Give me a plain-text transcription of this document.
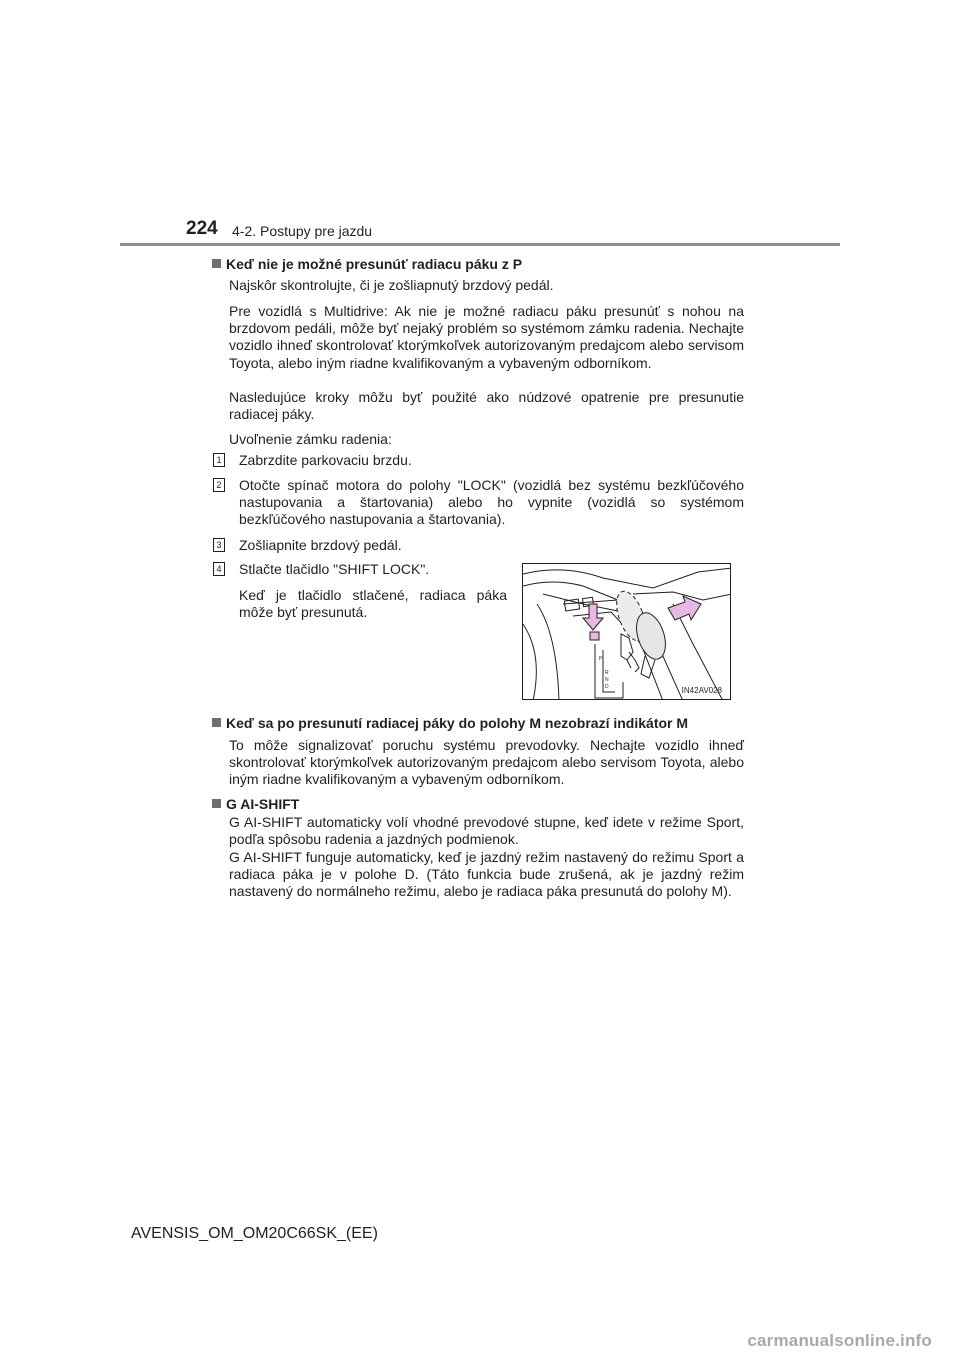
224 4-2. Postupy pre jazdu
Keď nie je možné presunúť radiacu páku z P
Najskôr skontrolujte, či je zošliapnutý brzdový pedál.
Pre vozidlá s Multidrive: Ak nie je možné radiacu páku presunúť s nohou na brzdovom pedáli, môže byť nejaký problém so systémom zámku radenia. Nechajte vozidlo ihneď skontrolovať ktorýmkoľvek autorizovaným predajcom alebo servisom Toyota, alebo iným riadne kvalifikovaným a vybaveným odborníkom.
Nasledujúce kroky môžu byť použité ako núdzové opatrenie pre presunutie radiacej páky.
Uvoľnenie zámku radenia:
1 Zabrzdite parkovaciu brzdu.
2 Otočte spínač motora do polohy "LOCK" (vozidlá bez systému bezkľúčového nastupovania a štartovania) alebo ho vypnite (vozidlá so systémom bezkľúčového nastupovania a štartovania).
3 Zošliapnite brzdový pedál.
4 Stlačte tlačidlo "SHIFT LOCK".
Keď je tlačidlo stlačené, radiaca páka môže byť presunutá.
P
R
N
D	IN42AV028
Keď sa po presunutí radiacej páky do polohy M nezobrazí indikátor M
To môže signalizovať poruchu systému prevodovky. Nechajte vozidlo ihneď skontrolovať ktorýmkoľvek autorizovaným predajcom alebo servisom Toyota, alebo iným riadne kvalifikovaným a vybaveným odborníkom.
G AI-SHIFT
G AI-SHIFT automaticky volí vhodné prevodové stupne, keď idete v režime Sport, podľa spôsobu radenia a jazdných podmienok.
G AI-SHIFT funguje automaticky, keď je jazdný režim nastavený do režimu Sport a radiaca páka je v polohe D. (Táto funkcia bude zrušená, ak je jazdný režim nastavený do normálneho režimu, alebo je radiaca páka presunutá do polohy M).
AVENSIS_OM_OM20C66SK_(EE)
carmanualsonline.info
